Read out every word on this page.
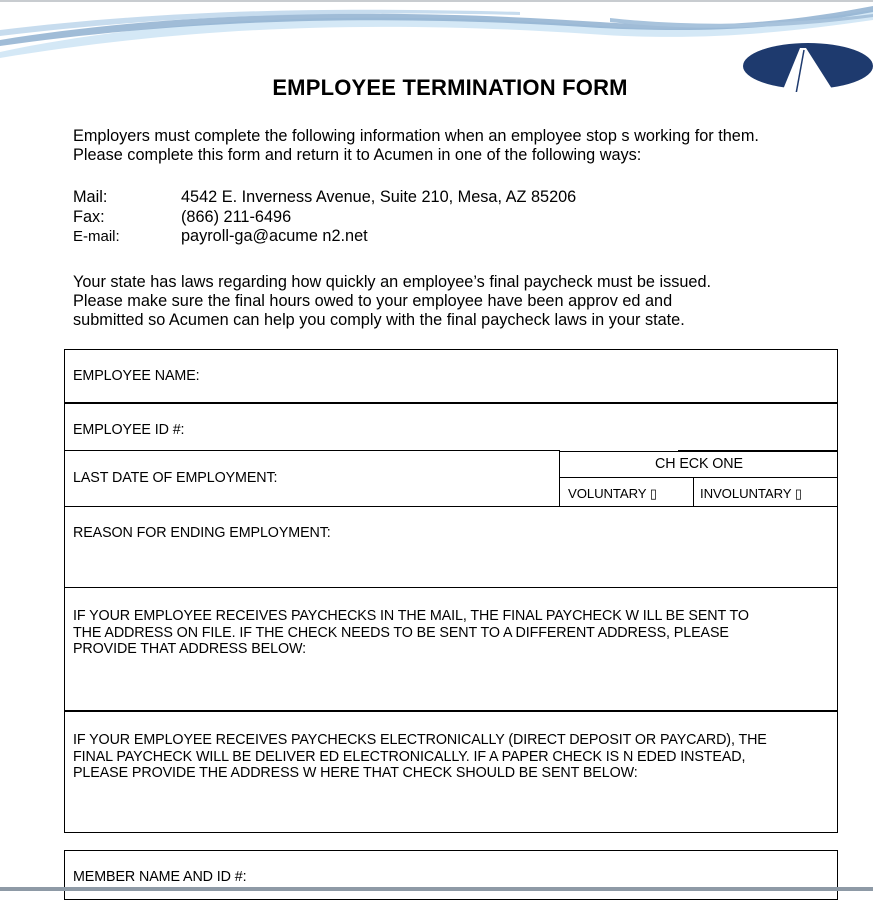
EMPLOYEE TERMINATION FORM
Employers must complete the following information when an employee stop s working for them.
Please complete this form and return it to Acumen in one of the following ways:
Mail:	4542 E. Inverness Avenue, Suite 210, Mesa, AZ 85206
Fax:	(866) 211-6496
E-mail:	payroll-ga@acume n2.net
Your state has laws regarding how quickly an employee’s final paycheck must be issued.
Please make sure the final hours owed to your employee have been approv ed and
submitted so Acumen can help you comply with the final paycheck laws in your state.
EMPLOYEE NAME:
EMPLOYEE ID #:
LAST DATE OF EMPLOYMENT:
CH ECK ONE
VOLUNTARY ▯	INVOLUNTARY ▯
REASON FOR ENDING EMPLOYMENT:
IF YOUR EMPLOYEE RECEIVES PAYCHECKS IN THE MAIL, THE FINAL PAYCHECK W ILL BE SENT TO
THE ADDRESS ON FILE. IF THE CHECK NEEDS TO BE SENT TO A DIFFERENT ADDRESS, PLEASE
PROVIDE THAT ADDRESS BELOW:
IF YOUR EMPLOYEE RECEIVES PAYCHECKS ELECTRONICALLY (DIRECT DEPOSIT OR PAYCARD), THE
FINAL PAYCHECK WILL BE DELIVER ED ELECTRONICALLY. IF A PAPER CHECK IS N EDED INSTEAD,
PLEASE PROVIDE THE ADDRESS W HERE THAT CHECK SHOULD BE SENT BELOW:
MEMBER NAME AND ID #:
